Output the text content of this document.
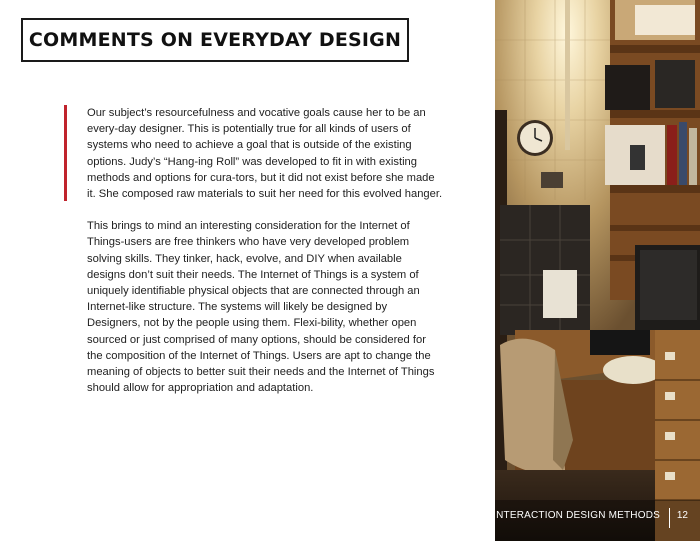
COMMENTS ON EVERYDAY DESIGN

Our subject’s resourcefulness and vocative goals cause her to be an every-day designer. This is potentially true for all kinds of users of systems who need to achieve a goal that is outside of the existing options. Judy’s “Hang-ing Roll” was developed to fit in with existing methods and options for cura-tors, but it did not exist before she made it. She composed raw materials to suit her need for this evolved hanger.

This brings to mind an interesting consideration for the Internet of Things-users are free thinkers who have very developed problem solving skills. They tinker, hack, evolve, and DIY when available designs don’t suit their needs. The Internet of Things is a system of uniquely identifiable physical objects that are connected through an Internet-like structure. The systems will likely be designed by Designers, not by the people using them. Flexi-bility, whether open sourced or just comprised of many options, should be considered for the composition of the Internet of Things. Users are apt to change the meaning of objects to better suit their needs and the Internet of Things should allow for appropriation and adaptation.

INTERACTION DESIGN METHODS 12
